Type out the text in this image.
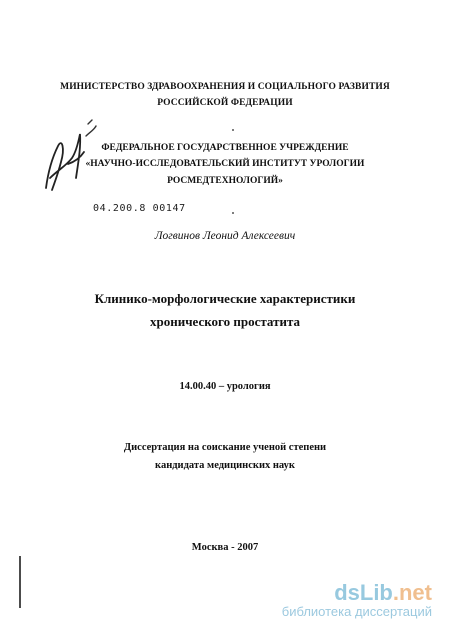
МИНИСТЕРСТВО ЗДРАВООХРАНЕНИЯ И СОЦИАЛЬНОГО РАЗВИТИЯ
РОССИЙСКОЙ ФЕДЕРАЦИИ
ФЕДЕРАЛЬНОЕ ГОСУДАРСТВЕННОЕ УЧРЕЖДЕНИЕ
«НАУЧНО-ИССЛЕДОВАТЕЛЬСКИЙ ИНСТИТУТ УРОЛОГИИ
РОСМЕДТЕХНОЛОГИЙ»
04.200.8 00147
Логвинов Леонид Алексеевич
Клинико-морфологические характеристики
хронического простатита
14.00.40 – урология
Диссертация на соискание ученой степени
кандидата медицинских наук
Москва - 2007
dsLib.net
библиотека диссертаций
